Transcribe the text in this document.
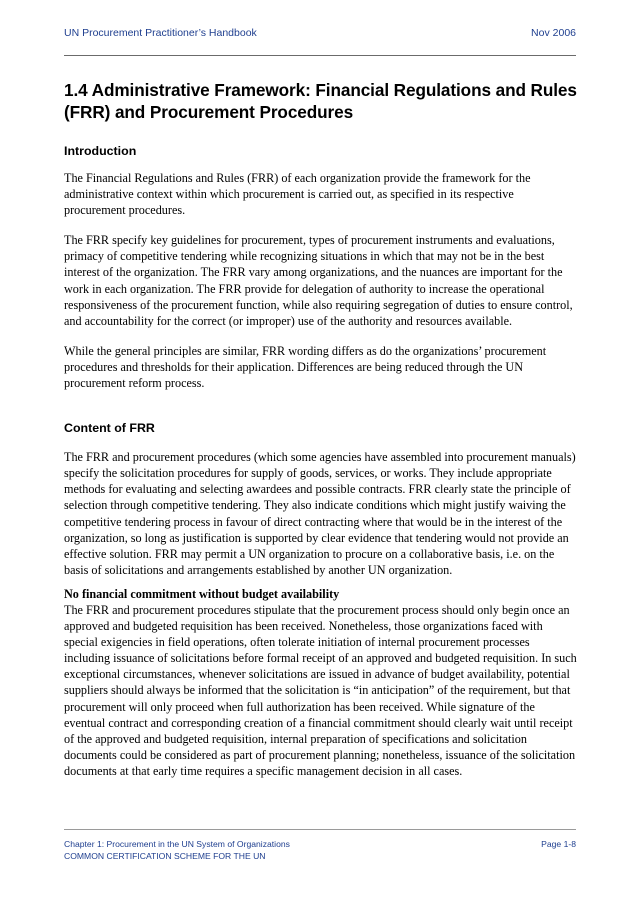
UN Procurement Practitioner’s Handbook	Nov 2006
1.4 Administrative Framework: Financial Regulations and Rules (FRR) and Procurement Procedures
Introduction

The Financial Regulations and Rules (FRR) of each organization provide the framework for the administrative context within which procurement is carried out, as specified in its respective procurement procedures.

The FRR specify key guidelines for procurement, types of procurement instruments and evaluations, primacy of competitive tendering while recognizing situations in which that may not be in the best interest of the organization. The FRR vary among organizations, and the nuances are important for the work in each organization. The FRR provide for delegation of authority to increase the operational responsiveness of the procurement function, while also requiring segregation of duties to ensure control, and accountability for the correct (or improper) use of the authority and resources available.

While the general principles are similar, FRR wording differs as do the organizations’ procurement procedures and thresholds for their application. Differences are being reduced through the UN procurement reform process.

Content of FRR

The FRR and procurement procedures (which some agencies have assembled into procurement manuals) specify the solicitation procedures for supply of goods, services, or works. They include appropriate methods for evaluating and selecting awardees and possible contracts. FRR clearly state the principle of selection through competitive tendering. They also indicate conditions which might justify waiving the competitive tendering process in favour of direct contracting where that would be in the interest of the organization, so long as justification is supported by clear evidence that tendering would not provide an effective solution. FRR may permit a UN organization to procure on a collaborative basis, i.e. on the basis of solicitations and arrangements established by another UN organization.

No financial commitment without budget availability

The FRR and procurement procedures stipulate that the procurement process should only begin once an approved and budgeted requisition has been received. Nonetheless, those organizations faced with special exigencies in field operations, often tolerate initiation of internal procurement processes including issuance of solicitations before formal receipt of an approved and budgeted requisition. In such exceptional circumstances, whenever solicitations are issued in advance of budget availability, potential suppliers should always be informed that the solicitation is “in anticipation” of the requirement, but that procurement will only proceed when full authorization has been received. While signature of the eventual contract and corresponding creation of a financial commitment should clearly wait until receipt of the approved and budgeted requisition, internal preparation of specifications and solicitation documents could be considered as part of procurement planning; nonetheless, issuance of the solicitation documents at that early time requires a specific management decision in all cases.

Chapter 1: Procurement in the UN System of Organizations
COMMON CERTIFICATION SCHEME FOR THE UN
Page 1-8
